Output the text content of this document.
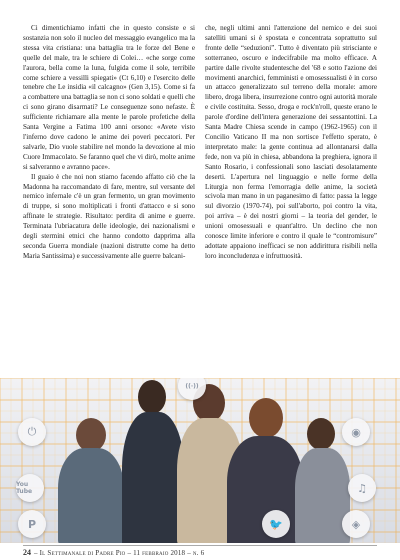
Ci dimentichiamo infatti che in questo consiste e si sostanzia non solo il nucleo del messaggio evangelico ma la stessa vita cristiana: una battaglia tra le forze del Bene e quelle del male, tra le schiere di Colei… «che sorge come l'aurora, bella come la luna, fulgida come il sole, terribile come schiere a vessilli spiegati» (Ct 6,10) e l'esercito delle tenebre che Le insidia «il calcagno» (Gen 3,15). Come si fa a combattere una battaglia se non ci sono soldati e quelli che ci sono girano disarmati? Le conseguenze sono nefaste. È sufficiente richiamare alla mente le parole profetiche della Santa Vergine a Fatima 100 anni orsono: «Avete visto l'inferno dove cadono le anime dei poveri peccatori. Per salvarle, Dio vuole stabilire nel mondo la devozione al mio Cuore Immacolato. Se faranno quel che vi dirò, molte anime si salveranno e avranno pace».

Il guaio è che noi non stiamo facendo affatto ciò che la Madonna ha raccomandato di fare, mentre, sul versante del nemico infernale c'è un gran fermento, un gran movimento di truppe, si sono moltiplicati i fronti d'attacco e si sono affinate le strategie. Risultato: perdita di anime e guerre. Terminata l'ubriacatura delle ideologie, dei nazionalismi e degli stermini etnici che hanno condotto dapprima alla seconda Guerra mondiale (nazioni distrutte come ha detto Maria Santissima) e successivamente alle guerre balcani-

che, negli ultimi anni l'attenzione del nemico e dei suoi satelliti umani si è spostata e concentrata soprattutto sul fronte delle “seduzioni”. Tutto è diventato più strisciante e sotterraneo, oscuro e indecifrabile ma molto efficace. A partire dalle rivolte studentesche del '68 e sotto l'azione dei movimenti anarchici, femministi e omosessualisti è in corso un attacco generalizzato sul terreno della morale: amore libero, droga libera, insurrezione contro ogni autorità morale e civile costituita. Sesso, droga e rock'n'roll, queste erano le parole d'ordine dell'intera generazione dei sessantottini. La Santa Madre Chiesa scende in campo (1962-1965) con il Concilio Vaticano II ma non sortisce l'effetto sperato, è interpretato male: la gente continua ad allontanarsi dalla fede, non va più in chiesa, abbandona la preghiera, ignora il Santo Rosario, i confessionali sono lasciati desolatamente deserti. L'apertura nel linguaggio e nelle forme della Liturgia non ferma l'emorragia delle anime, la società scivola man mano in un paganesimo di fatto: passa la legge sul divorzio (1970-74), poi sull'aborto, poi contro la vita, poi arriva – è dei nostri giorni – la teoria del gender, le unioni omosessuali e quant'altro. Un declino che non conosce limite inferiore e contro il quale le “contromisure” adottate appaiono inefficaci se non addirittura risibili nella loro inconcludenza e infruttuosità.

⏻
You Tube
P
((·))
◉
♫
🐦	◈
24 – Il Settimanale di Padre Pio – 11 febbraio 2018 – n. 6
